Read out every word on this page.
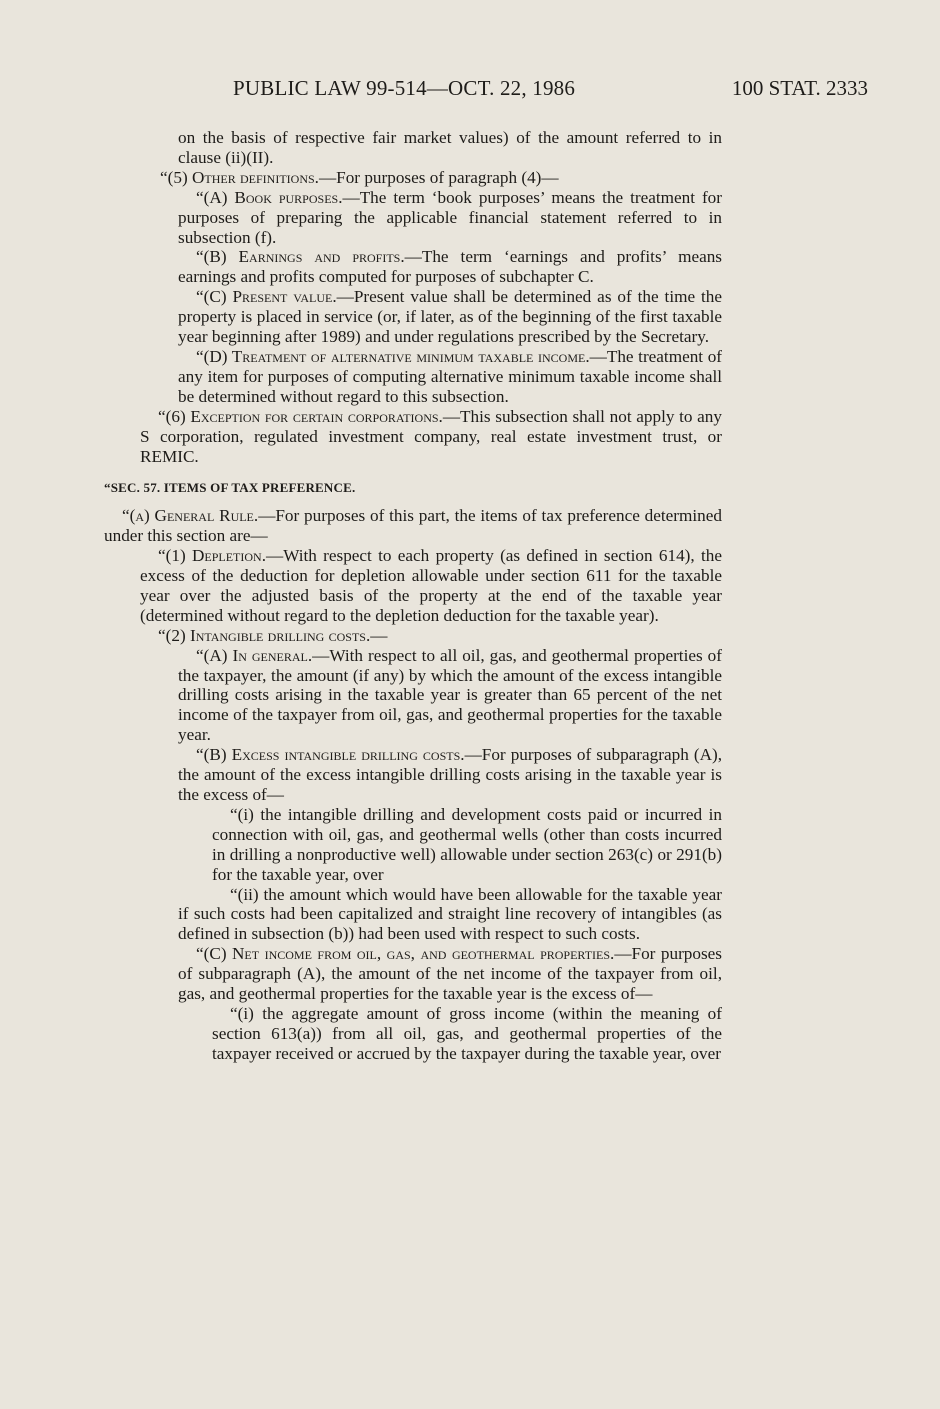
PUBLIC LAW 99-514—OCT. 22, 1986	100 STAT. 2333

on the basis of respective fair market values) of the amount referred to in clause (ii)(II).

“(5) Other definitions.—For purposes of paragraph (4)—

“(A) Book purposes.—The term ‘book purposes’ means the treatment for purposes of preparing the applicable financial statement referred to in subsection (f).

“(B) Earnings and profits.—The term ‘earnings and profits’ means earnings and profits computed for purposes of subchapter C.

“(C) Present value.—Present value shall be determined as of the time the property is placed in service (or, if later, as of the beginning of the first taxable year beginning after 1989) and under regulations prescribed by the Secretary.

“(D) Treatment of alternative minimum taxable income.—The treatment of any item for purposes of computing alternative minimum taxable income shall be determined without regard to this subsection.

“(6) Exception for certain corporations.—This subsection shall not apply to any S corporation, regulated investment company, real estate investment trust, or REMIC.

“SEC. 57. ITEMS OF TAX PREFERENCE.

“(a) General Rule.—For purposes of this part, the items of tax preference determined under this section are—

“(1) Depletion.—With respect to each property (as defined in section 614), the excess of the deduction for depletion allowable under section 611 for the taxable year over the adjusted basis of the property at the end of the taxable year (determined without regard to the depletion deduction for the taxable year).

“(2) Intangible drilling costs.—

“(A) In general.—With respect to all oil, gas, and geothermal properties of the taxpayer, the amount (if any) by which the amount of the excess intangible drilling costs arising in the taxable year is greater than 65 percent of the net income of the taxpayer from oil, gas, and geothermal properties for the taxable year.

“(B) Excess intangible drilling costs.—For purposes of subparagraph (A), the amount of the excess intangible drilling costs arising in the taxable year is the excess of—

“(i) the intangible drilling and development costs paid or incurred in connection with oil, gas, and geothermal wells (other than costs incurred in drilling a nonproductive well) allowable under section 263(c) or 291(b) for the taxable year, over

“(ii) the amount which would have been allowable for the taxable year if such costs had been capitalized and straight line recovery of intangibles (as defined in subsection (b)) had been used with respect to such costs.

“(C) Net income from oil, gas, and geothermal properties.—For purposes of subparagraph (A), the amount of the net income of the taxpayer from oil, gas, and geothermal properties for the taxable year is the excess of—

“(i) the aggregate amount of gross income (within the meaning of section 613(a)) from all oil, gas, and geothermal properties of the taxpayer received or accrued by the taxpayer during the taxable year, over
